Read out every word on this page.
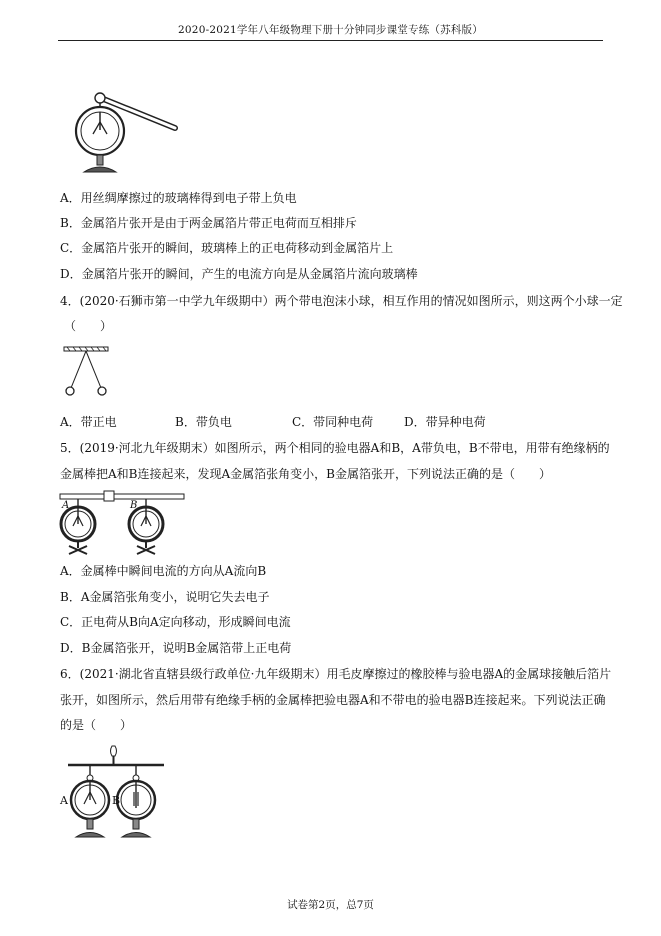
2020-2021学年八年级物理下册十分钟同步课堂专练（苏科版）
A．用丝绸摩擦过的玻璃棒得到电子带上负电
B．金属箔片张开是由于两金属箔片带正电荷而互相排斥
C．金属箔片张开的瞬间，玻璃棒上的正电荷移动到金属箔片上
D．金属箔片张开的瞬间，产生的电流方向是从金属箔片流向玻璃棒
4．(2020·石狮市第一中学九年级期中）两个带电泡沫小球，相互作用的情况如图所示，则这两个小球一定
（　　）
A．带正电	B．带负电	C．带同种电荷	D．带异种电荷
5．(2019·河北九年级期末）如图所示，两个相同的验电器A和B，A带负电，B不带电，用带有绝缘柄的
金属棒把A和B连接起来，发现A金属箔张角变小，B金属箔张开，下列说法正确的是（　　）
A	B
A．金属棒中瞬间电流的方向从A流向B
B．A金属箔张角变小，说明它失去电子
C．正电荷从B向A定向移动，形成瞬间电流
D．B金属箔张开，说明B金属箔带上正电荷
6．(2021·湖北省直辖县级行政单位·九年级期末）用毛皮摩擦过的橡胶棒与验电器A的金属球接触后箔片
张开，如图所示，然后用带有绝缘手柄的金属棒把验电器A和不带电的验电器B连接起来。下列说法正确
的是（　　）
A	B
试卷第2页，总7页
